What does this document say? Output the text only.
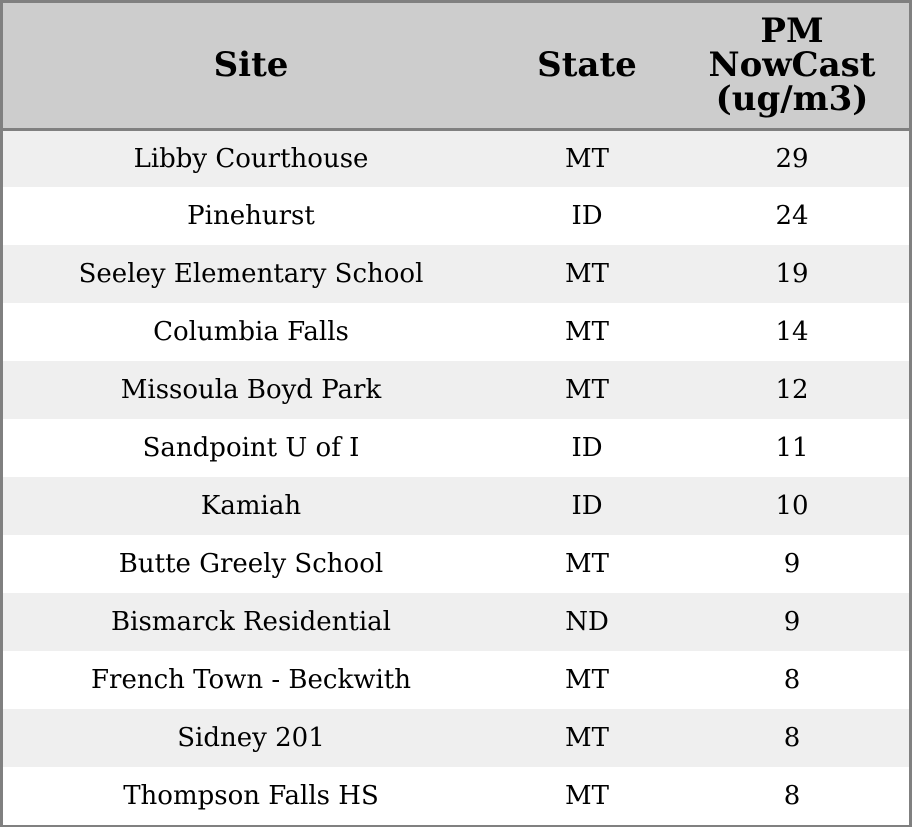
Site	State	PM
NowCast
(ug/m3)

Libby Courthouse	MT	29
Pinehurst	ID	24
Seeley Elementary School	MT	19
Columbia Falls	MT	14
Missoula Boyd Park	MT	12
Sandpoint U of I	ID	11
Kamiah	ID	10
Butte Greely School	MT	9
Bismarck Residential	ND	9
French Town - Beckwith	MT	8
Sidney 201	MT	8
Thompson Falls HS	MT	8
